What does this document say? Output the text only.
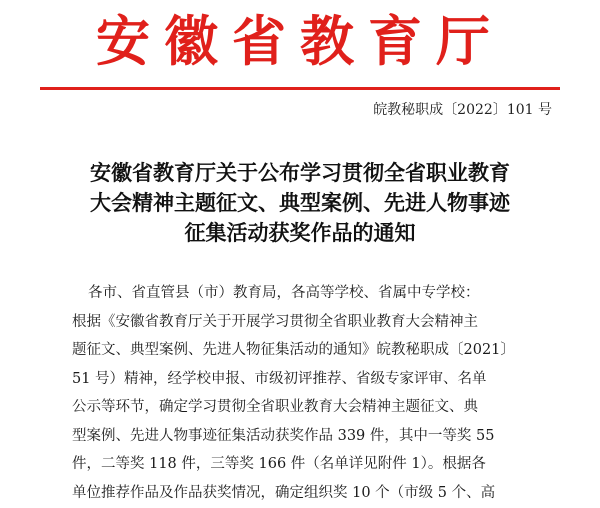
安徽省教育厅
皖教秘职成〔2022〕101 号
安徽省教育厅关于公布学习贯彻全省职业教育
大会精神主题征文、典型案例、先进人物事迹
征集活动获奖作品的通知

各市、省直管县（市）教育局，各高等学校、省属中专学校：

根据《安徽省教育厅关于开展学习贯彻全省职业教育大会精神主

题征文、典型案例、先进人物征集活动的通知》皖教秘职成〔2021〕

51 号）精神，经学校申报、市级初评推荐、省级专家评审、名单

公示等环节，确定学习贯彻全省职业教育大会精神主题征文、典

型案例、先进人物事迹征集活动获奖作品 339 件，其中一等奖 55

件，二等奖 118 件，三等奖 166 件（名单详见附件 1）。根据各

单位推荐作品及作品获奖情况，确定组织奖 10 个（市级 5 个、高
